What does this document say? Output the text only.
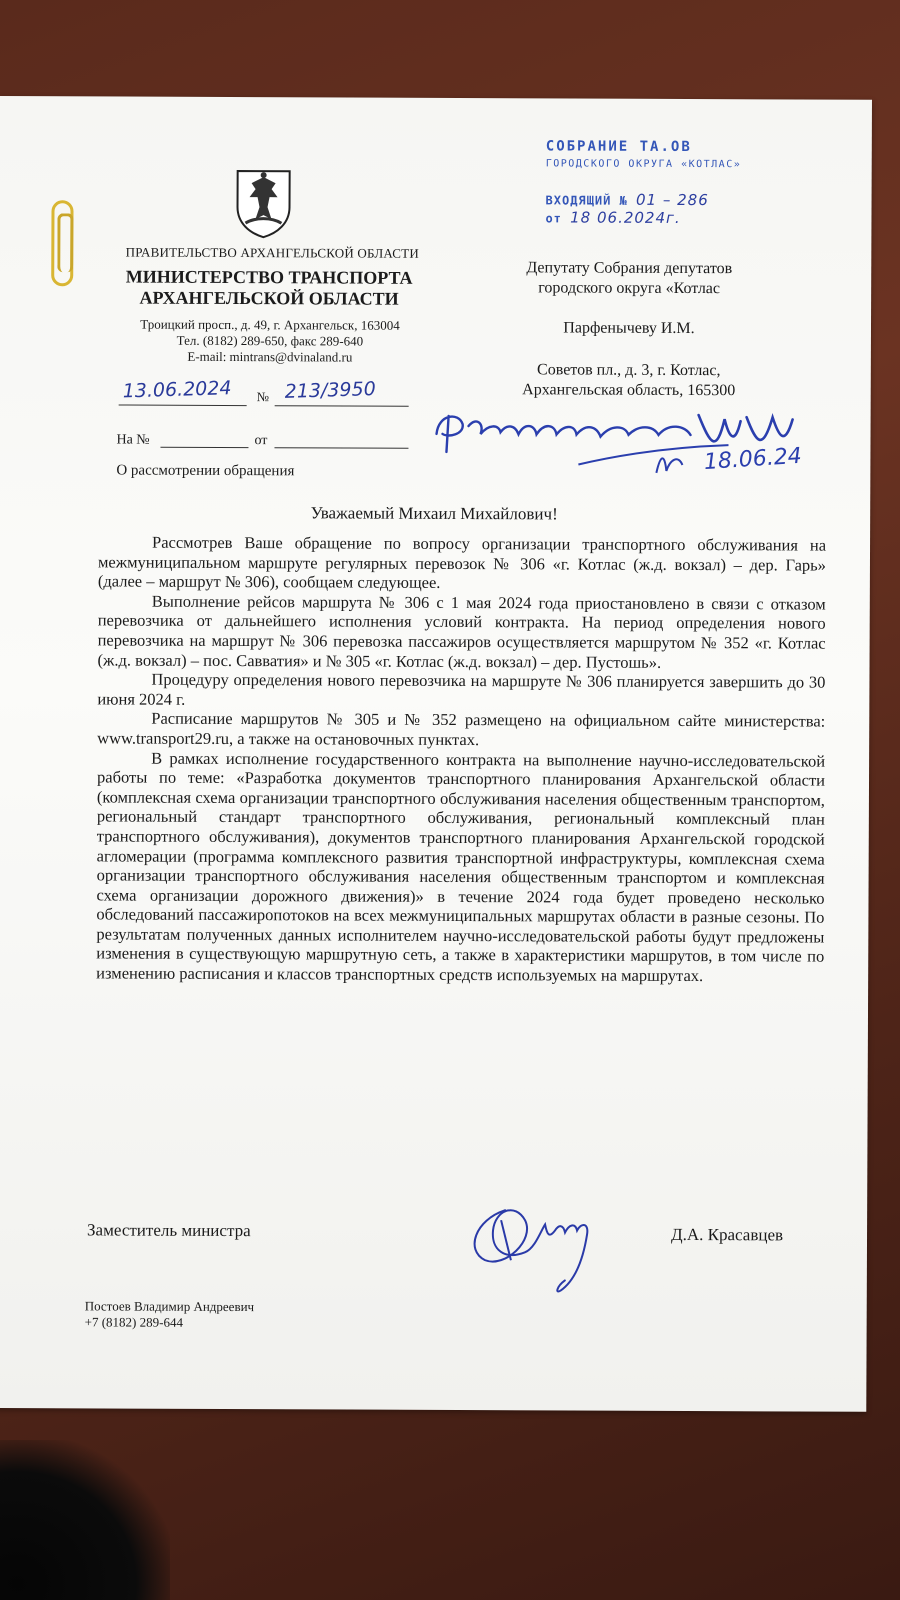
ПРАВИТЕЛЬСТВО АРХАНГЕЛЬСКОЙ ОБЛАСТИ
МИНИСТЕРСТВО ТРАНСПОРТА
АРХАНГЕЛЬСКОЙ ОБЛАСТИ
Троицкий просп., д. 49, г. Архангельск, 163004
Тел. (8182) 289-650, факс 289-640
E-mail: mintrans@dvinaland.ru
13.06.2024 № 213/3950
На №	от
О рассмотрении обращения
СОБРАНИЕ ТА.ОВ
ГОРОДСКОГО ОКРУГА «КОТЛАС»
ВХОДЯЩИЙ № 01 – 286
от 18 06.2024г.

Депутату Собрания депутатов

городского округа «Котлас

Парфенычеву И.М.

Советов пл., д. 3, г. Котлас,

Архангельская область, 165300

18.06.24
Уважаемый Михаил Михайлович!

Рассмотрев Ваше обращение по вопросу организации транспортного обслуживания на межмуниципальном маршруте регулярных перевозок № 306 «г. Котлас (ж.д. вокзал) – дер. Гарь» (далее – маршрут № 306), сообщаем следующее.

Выполнение рейсов маршрута № 306 с 1 мая 2024 года приостановлено в связи с отказом перевозчика от дальнейшего исполнения условий контракта. На период определения нового перевозчика на маршрут № 306 перевозка пассажиров осуществляется маршрутом № 352 «г. Котлас (ж.д. вокзал) – пос. Савватия» и № 305 «г. Котлас (ж.д. вокзал) – дер. Пустошь».

Процедуру определения нового перевозчика на маршруте № 306 планируется завершить до 30 июня 2024 г.

Расписание маршрутов № 305 и № 352 размещено на официальном сайте министерства: www.transport29.ru, а также на остановочных пунктах.

В рамках исполнение государственного контракта на выполнение научно-исследовательской работы по теме: «Разработка документов транспортного планирования Архангельской области (комплексная схема организации транспортного обслуживания населения общественным транспортом, региональный стандарт транспортного обслуживания, региональный комплексный план транспортного обслуживания), документов транспортного планирования Архангельской городской агломерации (программа комплексного развития транспортной инфраструктуры, комплексная схема организации транспортного обслуживания населения общественным транспортом и комплексная схема организации дорожного движения)» в течение 2024 года будет проведено несколько обследований пассажиропотоков на всех межмуниципальных маршрутах области в разные сезоны. По результатам полученных данных исполнителем научно-исследовательской работы будут предложены изменения в существующую маршрутную сеть, а также в характеристики маршрутов, в том числе по изменению расписания и классов транспортных средств используемых на маршрутах.

Заместитель министра	Д.А. Красавцев
Постоев Владимир Андреевич
+7 (8182) 289-644
